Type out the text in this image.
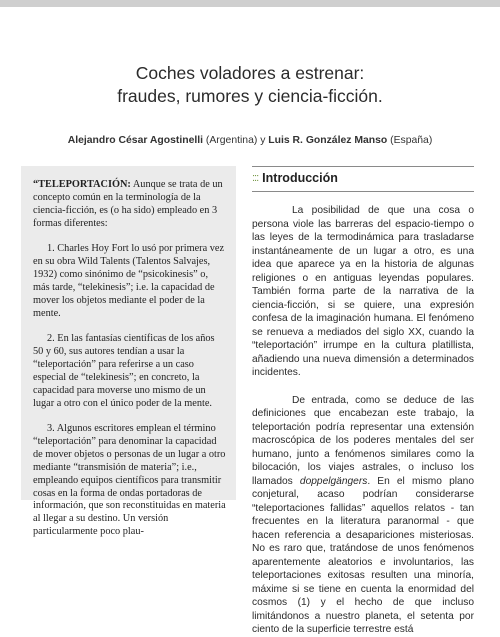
Coches voladores a estrenar:
fraudes, rumores y ciencia-ficción.
Alejandro César Agostinelli (Argentina) y Luis R. González Manso (España)

“TELEPORTACIÓN: Aunque se trata de un concepto común en la terminología de la ciencia-ficción, es (o ha sido) empleado en 3 formas diferentes:

1. Charles Hoy Fort lo usó por primera vez en su obra Wild Talents (Talentos Salvajes, 1932) como sinónimo de “psicokinesis” o, más tarde, “telekinesis”; i.e. la capacidad de mover los objetos mediante el poder de la mente.

2. En las fantasías científicas de los años 50 y 60, sus autores tendían a usar la “teleportación” para referirse a un caso especial de “telekinesis”; en concreto, la capacidad para moverse uno mismo de un lugar a otro con el único poder de la mente.

3. Algunos escritores emplean el término “teleportación” para denominar la capacidad de mover objetos o personas de un lugar a otro mediante “transmisión de materia”; i.e., empleando equipos científicos para transmitir cosas en la forma de ondas portadoras de información, que son reconstituidas en materia al llegar a su destino. Un versión particularmente poco plau-

::: Introducción

La posibilidad de que una cosa o persona viole las barreras del espacio-tiempo o las leyes de la termodinámica para trasladarse instantáneamente de un lugar a otro, es una idea que aparece ya en la historia de algunas religiones o en antiguas leyendas populares. También forma parte de la narrativa de la ciencia-ficción, si se quiere, una expresión confesa de la imaginación humana. El fenómeno se renueva a mediados del siglo XX, cuando la “teleportación” irrumpe en la cultura platillista, añadiendo una nueva dimensión a determinados incidentes.

De entrada, como se deduce de las definiciones que encabezan este trabajo, la teleportación podría representar una extensión macroscópica de los poderes mentales del ser humano, junto a fenómenos similares como la bilocación, los viajes astrales, o incluso los llamados doppelgängers. En el mismo plano conjetural, acaso podrían considerarse “teleportaciones fallidas” aquellos relatos - tan frecuentes en la literatura paranormal - que hacen referencia a desapariciones misteriosas. No es raro que, tratándose de unos fenómenos aparentemente aleatorios e involuntarios, las teleportaciones exitosas resulten una minoría, máxime si se tiene en cuenta la enormidad del cosmos (1) y el hecho de que incluso limitándonos a nuestro planeta, el setenta por ciento de la superficie terrestre está
